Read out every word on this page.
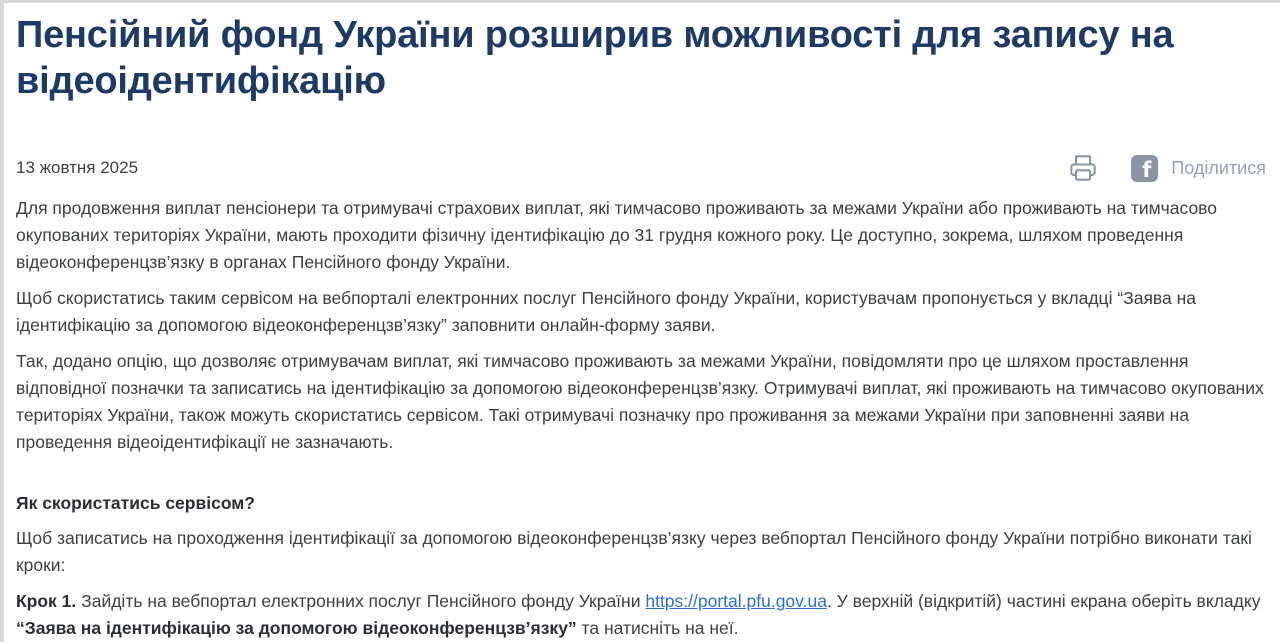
Пенсійний фонд України розширив можливості для запису на відеоідентифікацію
13 жовтня 2025	f Поділитися

Для продовження виплат пенсіонери та отримувачі страхових виплат, які тимчасово проживають за межами України або проживають на тимчасово окупованих територіях України, мають проходити фізичну ідентифікацію до 31 грудня кожного року. Це доступно, зокрема, шляхом проведення відеоконференцзв’язку в органах Пенсійного фонду України.

Щоб скористатись таким сервісом на вебпорталі електронних послуг Пенсійного фонду України, користувачам пропонується у вкладці “Заява на ідентифікацію за допомогою відеоконференцзв’язку” заповнити онлайн-форму заяви.

Так, додано опцію, що дозволяє отримувачам виплат, які тимчасово проживають за межами України, повідомляти про це шляхом проставлення відповідної позначки та записатись на ідентифікацію за допомогою відеоконференцзв’язку. Отримувачі виплат, які проживають на тимчасово окупованих територіях України, також можуть скористатись сервісом. Такі отримувачі позначку про проживання за межами України при заповненні заяви на проведення відеоідентифікації не зазначають.

Як скористатись сервісом?

Щоб записатись на проходження ідентифікації за допомогою відеоконференцзв’язку через вебпортал Пенсійного фонду України потрібно виконати такі кроки:

Крок 1. Зайдіть на вебпортал електронних послуг Пенсійного фонду України https://portal.pfu.gov.ua. У верхній (відкритій) частині екрана оберіть вкладку “Заява на ідентифікацію за допомогою відеоконференцзв’язку” та натисніть на неї.
